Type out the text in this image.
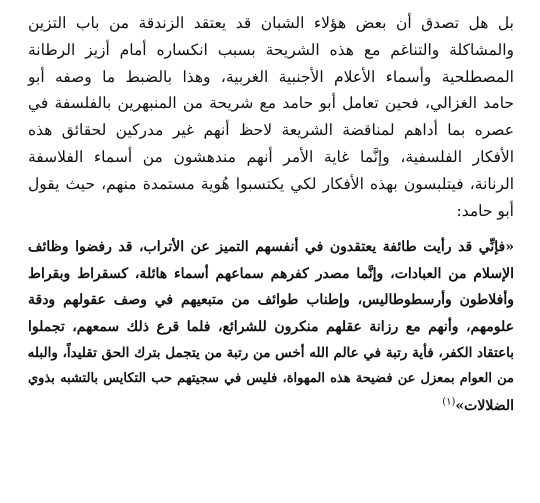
بل هل تصدق أن بعض هؤلاء الشبان قد يعتقد الزندقة من باب التزين
والمشاكلة والتناغم مع هذه الشريحة بسبب انكساره أمام أزيز الرطانة
المصطلحية وأسماء الأعلام الأجنبية الغربية، وهذا بالضبط ما وصفه أبو
حامد الغزالي، فحين تعامل أبو حامد مع شريحة من المنبهرين بالفلسفة في
عصره بما أداهم لمناقضة الشريعة لاحظ أنهم غير مدركين لحقائق هذه
الأفكار الفلسفية، وإنَّما غاية الأمر أنهم مندهشون من أسماء الفلاسفة
الرنانة، فيتلبسون بهذه الأفكار لكي يكتسبوا هُوية مستمدة منهم، حيث يقول
أبو حامد:

«فإنِّي قد رأيت طائفة يعتقدون في أنفسهم التميز عن الأتراب، قد رفضوا وظائف
الإسلام من العبادات، وإنَّما مصدر كفرهم سماعهم أسماء هائلة، كسقراط وبقراط
وأفلاطون وأرسطوطاليس، وإطناب طوائف من متبعيهم في وصف عقولهم ودقة
علومهم، وأنهم مع رزانة عقلهم منكرون للشرائع، فلما قرع ذلك سمعهم، تجملوا
باعتقاد الكفر، فأية رتبة في عالم الله أخس من رتبة من يتجمل بترك الحق تقليداً، والبله
من العوام بمعزل عن فضيحة هذه المهواة، فليس في سجيتهم حب التكايس بالتشبه بذوي
الضلالات»$^{(١)}$
